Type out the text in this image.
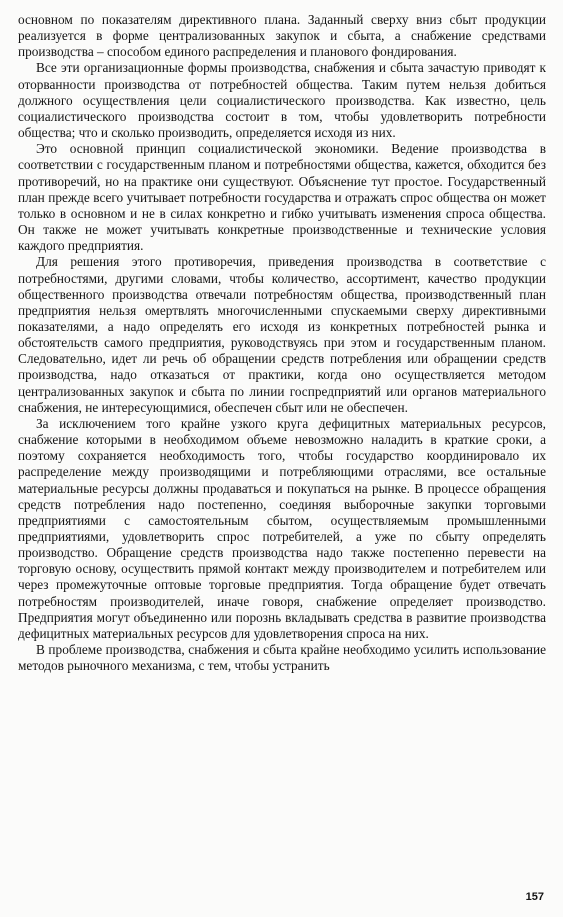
основном по показателям директивного плана. Заданный сверху вниз сбыт продукции реализуется в форме централизованных закупок и сбыта, а снабжение средствами производства – способом единого распределения и планового фондирования.

Все эти организационные формы производства, снабжения и сбыта зачастую приводят к оторванности производства от потребностей общества. Таким путем нельзя добиться должного осуществления цели социалистического производства. Как известно, цель социалистического производства состоит в том, чтобы удовлетворить потребности общества; что и сколько производить, определяется исходя из них.

Это основной принцип социалистической экономики. Ведение производства в соответствии с государственным планом и потребностями общества, кажется, обходится без противоречий, но на практике они существуют. Объяснение тут простое. Государственный план прежде всего учитывает потребности государства и отражать спрос общества он может только в основном и не в силах конкретно и гибко учитывать изменения спроса общества. Он также не может учитывать конкретные производственные и технические условия каждого предприятия.

Для решения этого противоречия, приведения производства в соответствие с потребностями, другими словами, чтобы количество, ассортимент, качество продукции общественного производства отвечали потребностям общества, производственный план предприятия нельзя омертвлять многочисленными спускаемыми сверху директивными показателями, а надо определять его исходя из конкретных потребностей рынка и обстоятельств самого предприятия, руководствуясь при этом и государственным планом. Следовательно, идет ли речь об обращении средств потребления или обращении средств производства, надо отказаться от практики, когда оно осуществляется методом централизованных закупок и сбыта по линии госпредприятий или органов материального снабжения, не интересующимися, обеспечен сбыт или не обеспечен.

За исключением того крайне узкого круга дефицитных материальных ресурсов, снабжение которыми в необходимом объеме невозможно наладить в краткие сроки, а поэтому сохраняется необходимость того, чтобы государство координировало их распределение между производящими и потребляющими отраслями, все остальные материальные ресурсы должны продаваться и покупаться на рынке. В процессе обращения средств потребления надо постепенно, соединяя выборочные закупки торговыми предприятиями с самостоятельным сбытом, осуществляемым промышленными предприятиями, удовлетворить спрос потребителей, а уже по сбыту определять производство. Обращение средств производства надо также постепенно перевести на торговую основу, осуществить прямой контакт между производителем и потребителем или через промежуточные оптовые торговые предприятия. Тогда обращение будет отвечать потребностям производителей, иначе говоря, снабжение определяет производство. Предприятия могут объединенно или порознь вкладывать средства в развитие производства дефицитных материальных ресурсов для удовлетворения спроса на них.

В проблеме производства, снабжения и сбыта крайне необходимо усилить использование методов рыночного механизма, с тем, чтобы устранить

157
